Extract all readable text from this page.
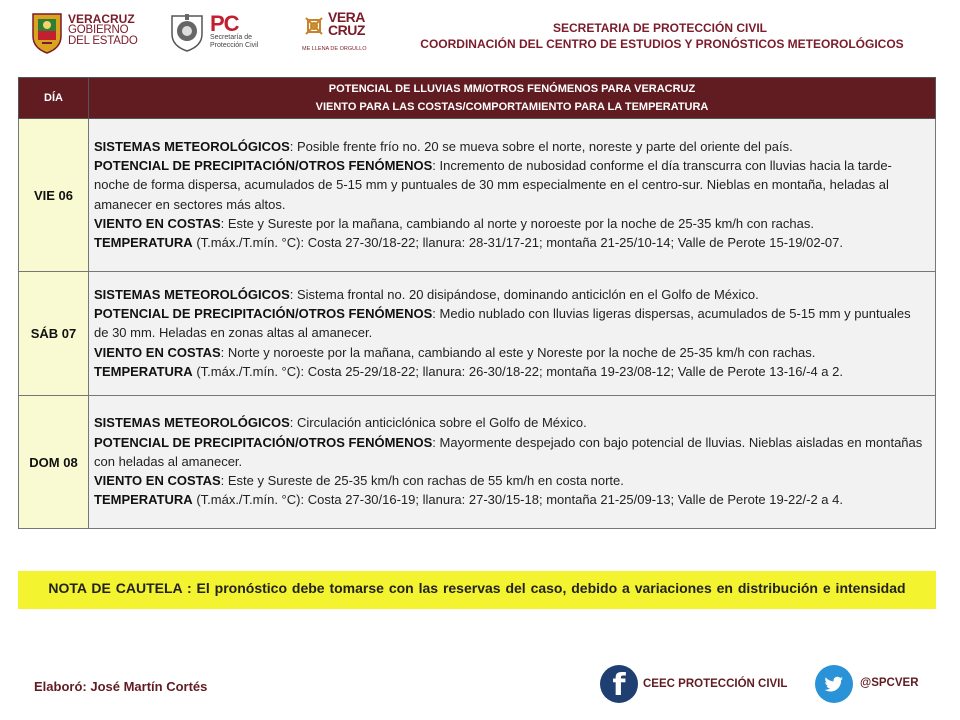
VERACRUZ
GOBIERNO
DEL ESTADO
PC
Secretaría de Protección Civil
VERA
CRUZ
ME LLENA DE ORGULLO
SECRETARIA DE PROTECCIÓN CIVIL
COORDINACIÓN DEL CENTRO DE ESTUDIOS Y PRONÓSTICOS METEOROLÓGICOS
DÍA	POTENCIAL DE LLUVIAS MM/OTROS FENÓMENOS PARA VERACRUZ
VIENTO PARA LAS COSTAS/COMPORTAMIENTO PARA LA TEMPERATURA

VIE 06	SISTEMAS METEOROLÓGICOS: Posible frente frío no. 20 se mueva sobre el norte, noreste y parte del oriente del país.

POTENCIAL DE PRECIPITACIÓN/OTROS FENÓMENOS: Incremento de nubosidad conforme el día transcurra con lluvias hacia la tarde-noche de forma dispersa, acumulados de 5-15 mm y puntuales de 30 mm especialmente en el centro-sur. Nieblas en montaña, heladas al amanecer en sectores más altos.

VIENTO EN COSTAS: Este y Sureste por la mañana, cambiando al norte y noroeste por la noche de 25-35 km/h con rachas.

TEMPERATURA (T.máx./T.mín. °C): Costa 27-30/18-22; llanura: 28-31/17-21; montaña 21-25/10-14; Valle de Perote 15-19/02-07.

SÁB 07	SISTEMAS METEOROLÓGICOS: Sistema frontal no. 20 disipándose, dominando anticiclón en el Golfo de México.

POTENCIAL DE PRECIPITACIÓN/OTROS FENÓMENOS: Medio nublado con lluvias ligeras dispersas, acumulados de 5-15 mm y puntuales de 30 mm. Heladas en zonas altas al amanecer.

VIENTO EN COSTAS: Norte y noroeste por la mañana, cambiando al este y Noreste por la noche de 25-35 km/h con rachas.

TEMPERATURA (T.máx./T.mín. °C): Costa 25-29/18-22; llanura: 26-30/18-22; montaña 19-23/08-12; Valle de Perote 13-16/-4 a 2.

DOM 08	SISTEMAS METEOROLÓGICOS: Circulación anticiclónica sobre el Golfo de México.

POTENCIAL DE PRECIPITACIÓN/OTROS FENÓMENOS: Mayormente despejado con bajo potencial de lluvias. Nieblas aisladas en montañas con heladas al amanecer.

VIENTO EN COSTAS: Este y Sureste de 25-35 km/h con rachas de 55 km/h en costa norte.

TEMPERATURA (T.máx./T.mín. °C): Costa 27-30/16-19; llanura: 27-30/15-18; montaña 21-25/09-13; Valle de Perote 19-22/-2 a 4.

NOTA DE CAUTELA : El pronóstico debe tomarse con las reservas del caso, debido a variaciones en distribución e intensidad
Elaboró: José Martín Cortés	f	CEEC PROTECCIÓN CIVIL	@SPCVER
